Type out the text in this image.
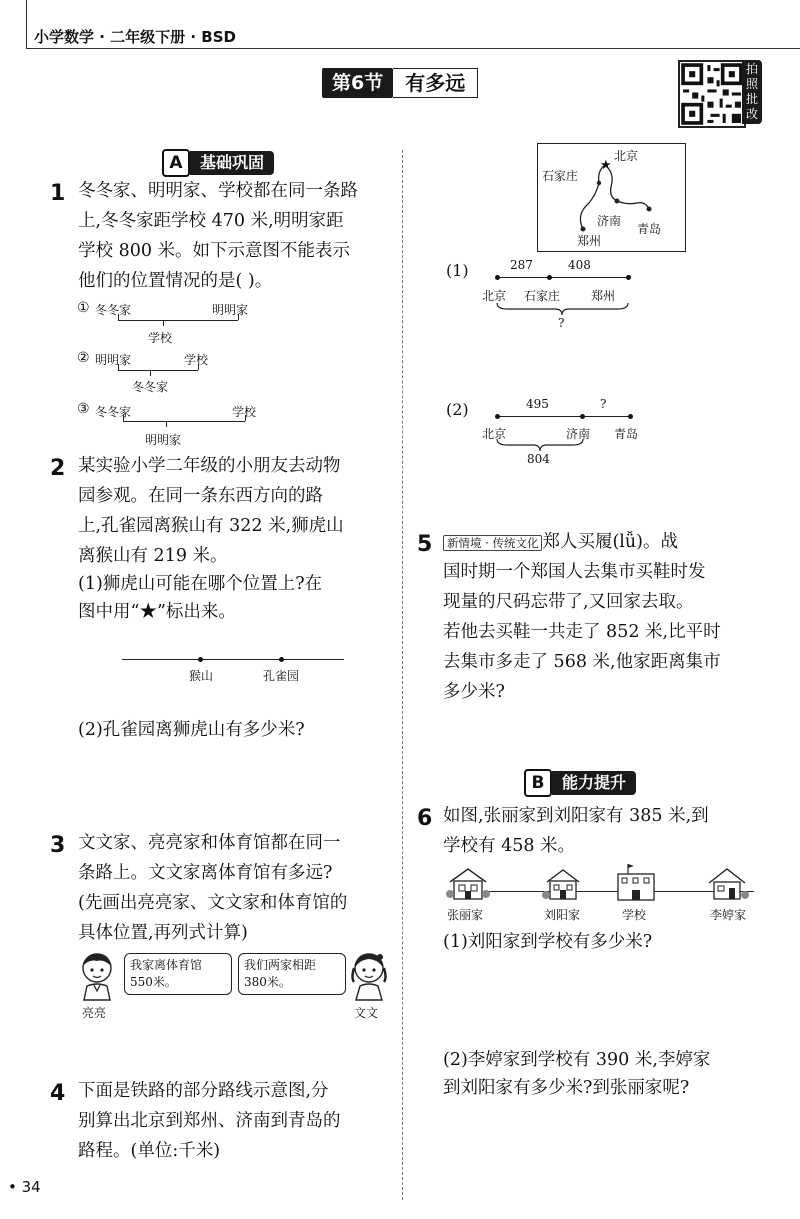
小学数学 · 二年级下册 · BSD
• 34
第6节	有多远
拍照批改
A	基础巩固
1 冬冬家、明明家、学校都在同一条路
上,冬冬家距学校 470 米,明明家距
学校 800 米。如下示意图不能表示
他们的位置情况的是( )。
① 冬冬家	明明家
学校
② 明明家	学校
冬冬家
③ 冬冬家	学校
明明家
2 某实验小学二年级的小朋友去动物
园参观。在同一条东西方向的路
上,孔雀园离猴山有 322 米,狮虎山
离猴山有 219 米。
(1)狮虎山可能在哪个位置上?在
图中用“★”标出来。
猴山	孔雀园
(2)孔雀园离狮虎山有多少米?
3 文文家、亮亮家和体育馆都在同一
条路上。文文家离体育馆有多远?
(先画出亮亮家、文文家和体育馆的
具体位置,再列式计算)
我家离体育馆
550米。
我们两家相距
380米。
亮亮	文文
4 下面是铁路的部分路线示意图,分
别算出北京到郑州、济南到青岛的
路程。(单位:千米)
★
北京
石家庄
济南
青岛
郑州
(1)	287	408
北京 石家庄	郑州
?
(2)	495	?
北京	济南 青岛
804
5	新情境 · 传统文化 郑人买履(lǚ)。战
国时期一个郑国人去集市买鞋时发
现量的尺码忘带了,又回家去取。
若他去买鞋一共走了 852 米,比平时
去集市多走了 568 米,他家距离集市
多少米?
B	能力提升
6 如图,张丽家到刘阳家有 385 米,到
学校有 458 米。
张丽家	刘阳家	学校	李婷家
(1)刘阳家到学校有多少米?
(2)李婷家到学校有 390 米,李婷家
到刘阳家有多少米?到张丽家呢?
